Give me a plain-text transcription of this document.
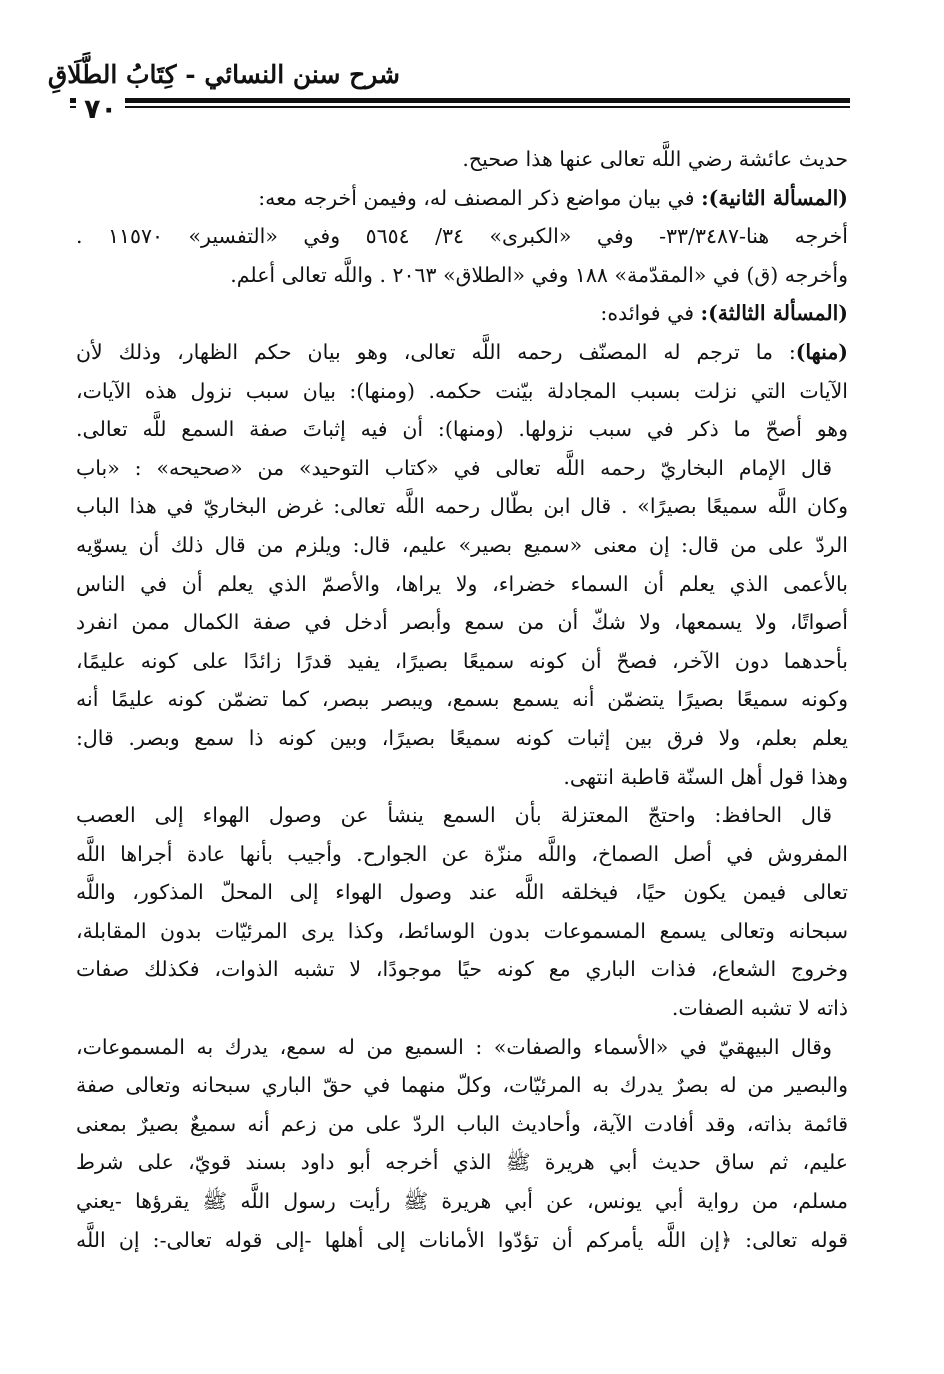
شرح سنن النسائي - كِتَابُ الطَّلَاقِ
٧٠
حديث عائشة رضي اللَّه تعالى عنها هذا صحيح.
(المسألة الثانية): في بيان مواضع ذكر المصنف له، وفيمن أخرجه معه:
أخرجه هنا-٣٣/٣٤٨٧- وفي «الكبرى» ٣٤/ ٥٦٥٤ وفي «التفسير» ١١٥٧٠ .
وأخرجه (ق) في «المقدّمة» ١٨٨ وفي «الطلاق» ٢٠٦٣ . واللَّه تعالى أعلم.
(المسألة الثالثة): في فوائده:
(منها): ما ترجم له المصنّف رحمه اللَّه تعالى، وهو بيان حكم الظهار، وذلك لأن
الآيات التي نزلت بسبب المجادلة بيّنت حكمه. (ومنها): بيان سبب نزول هذه الآيات،
وهو أصحّ ما ذكر في سبب نزولها. (ومنها): أن فيه إثباتَ صفة السمع للَّه تعالى.
قال الإمام البخاريّ رحمه اللَّه تعالى في «كتاب التوحيد» من «صحيحه» : «باب
وكان اللَّه سميعًا بصيرًا» . قال ابن بطّال رحمه اللَّه تعالى: غرض البخاريّ في هذا الباب
الردّ على من قال: إن معنى «سميع بصير» عليم، قال: ويلزم من قال ذلك أن يسوّيه
بالأعمى الذي يعلم أن السماء خضراء، ولا يراها، والأصمّ الذي يعلم أن في الناس
أصواتًا، ولا يسمعها، ولا شكّ أن من سمع وأبصر أدخل في صفة الكمال ممن انفرد
بأحدهما دون الآخر، فصحّ أن كونه سميعًا بصيرًا، يفيد قدرًا زائدًا على كونه عليمًا،
وكونه سميعًا بصيرًا يتضمّن أنه يسمع بسمع، ويبصر ببصر، كما تضمّن كونه عليمًا أنه
يعلم بعلم، ولا فرق بين إثبات كونه سميعًا بصيرًا، وبين كونه ذا سمع وبصر. قال:
وهذا قول أهل السنّة قاطبة انتهى.
قال الحافظ: واحتجّ المعتزلة بأن السمع ينشأ عن وصول الهواء إلى العصب
المفروش في أصل الصماخ، واللَّه منزّة عن الجوارح. وأجيب بأنها عادة أجراها اللَّه
تعالى فيمن يكون حيًا، فيخلقه اللَّه عند وصول الهواء إلى المحلّ المذكور، واللَّه
سبحانه وتعالى يسمع المسموعات بدون الوسائط، وكذا يرى المرئيّات بدون المقابلة،
وخروج الشعاع، فذات الباري مع كونه حيًا موجودًا، لا تشبه الذوات، فكذلك صفات
ذاته لا تشبه الصفات.
وقال البيهقيّ في «الأسماء والصفات» : السميع من له سمع، يدرك به المسموعات،
والبصير من له بصرٌ يدرك به المرئيّات، وكلّ منهما في حقّ الباري سبحانه وتعالى صفة
قائمة بذاته، وقد أفادت الآية، وأحاديث الباب الردّ على من زعم أنه سميعٌ بصيرٌ بمعنى
عليم، ثم ساق حديث أبي هريرة ﷺ الذي أخرجه أبو داود بسند قويّ، على شرط
مسلم، من رواية أبي يونس، عن أبي هريرة ﷺ رأيت رسول اللَّه ﷺ يقرؤها -يعني
قوله تعالى: ﴿إن اللَّه يأمركم أن تؤدّوا الأمانات إلى أهلها -إلى قوله تعالى-: إن اللَّه
